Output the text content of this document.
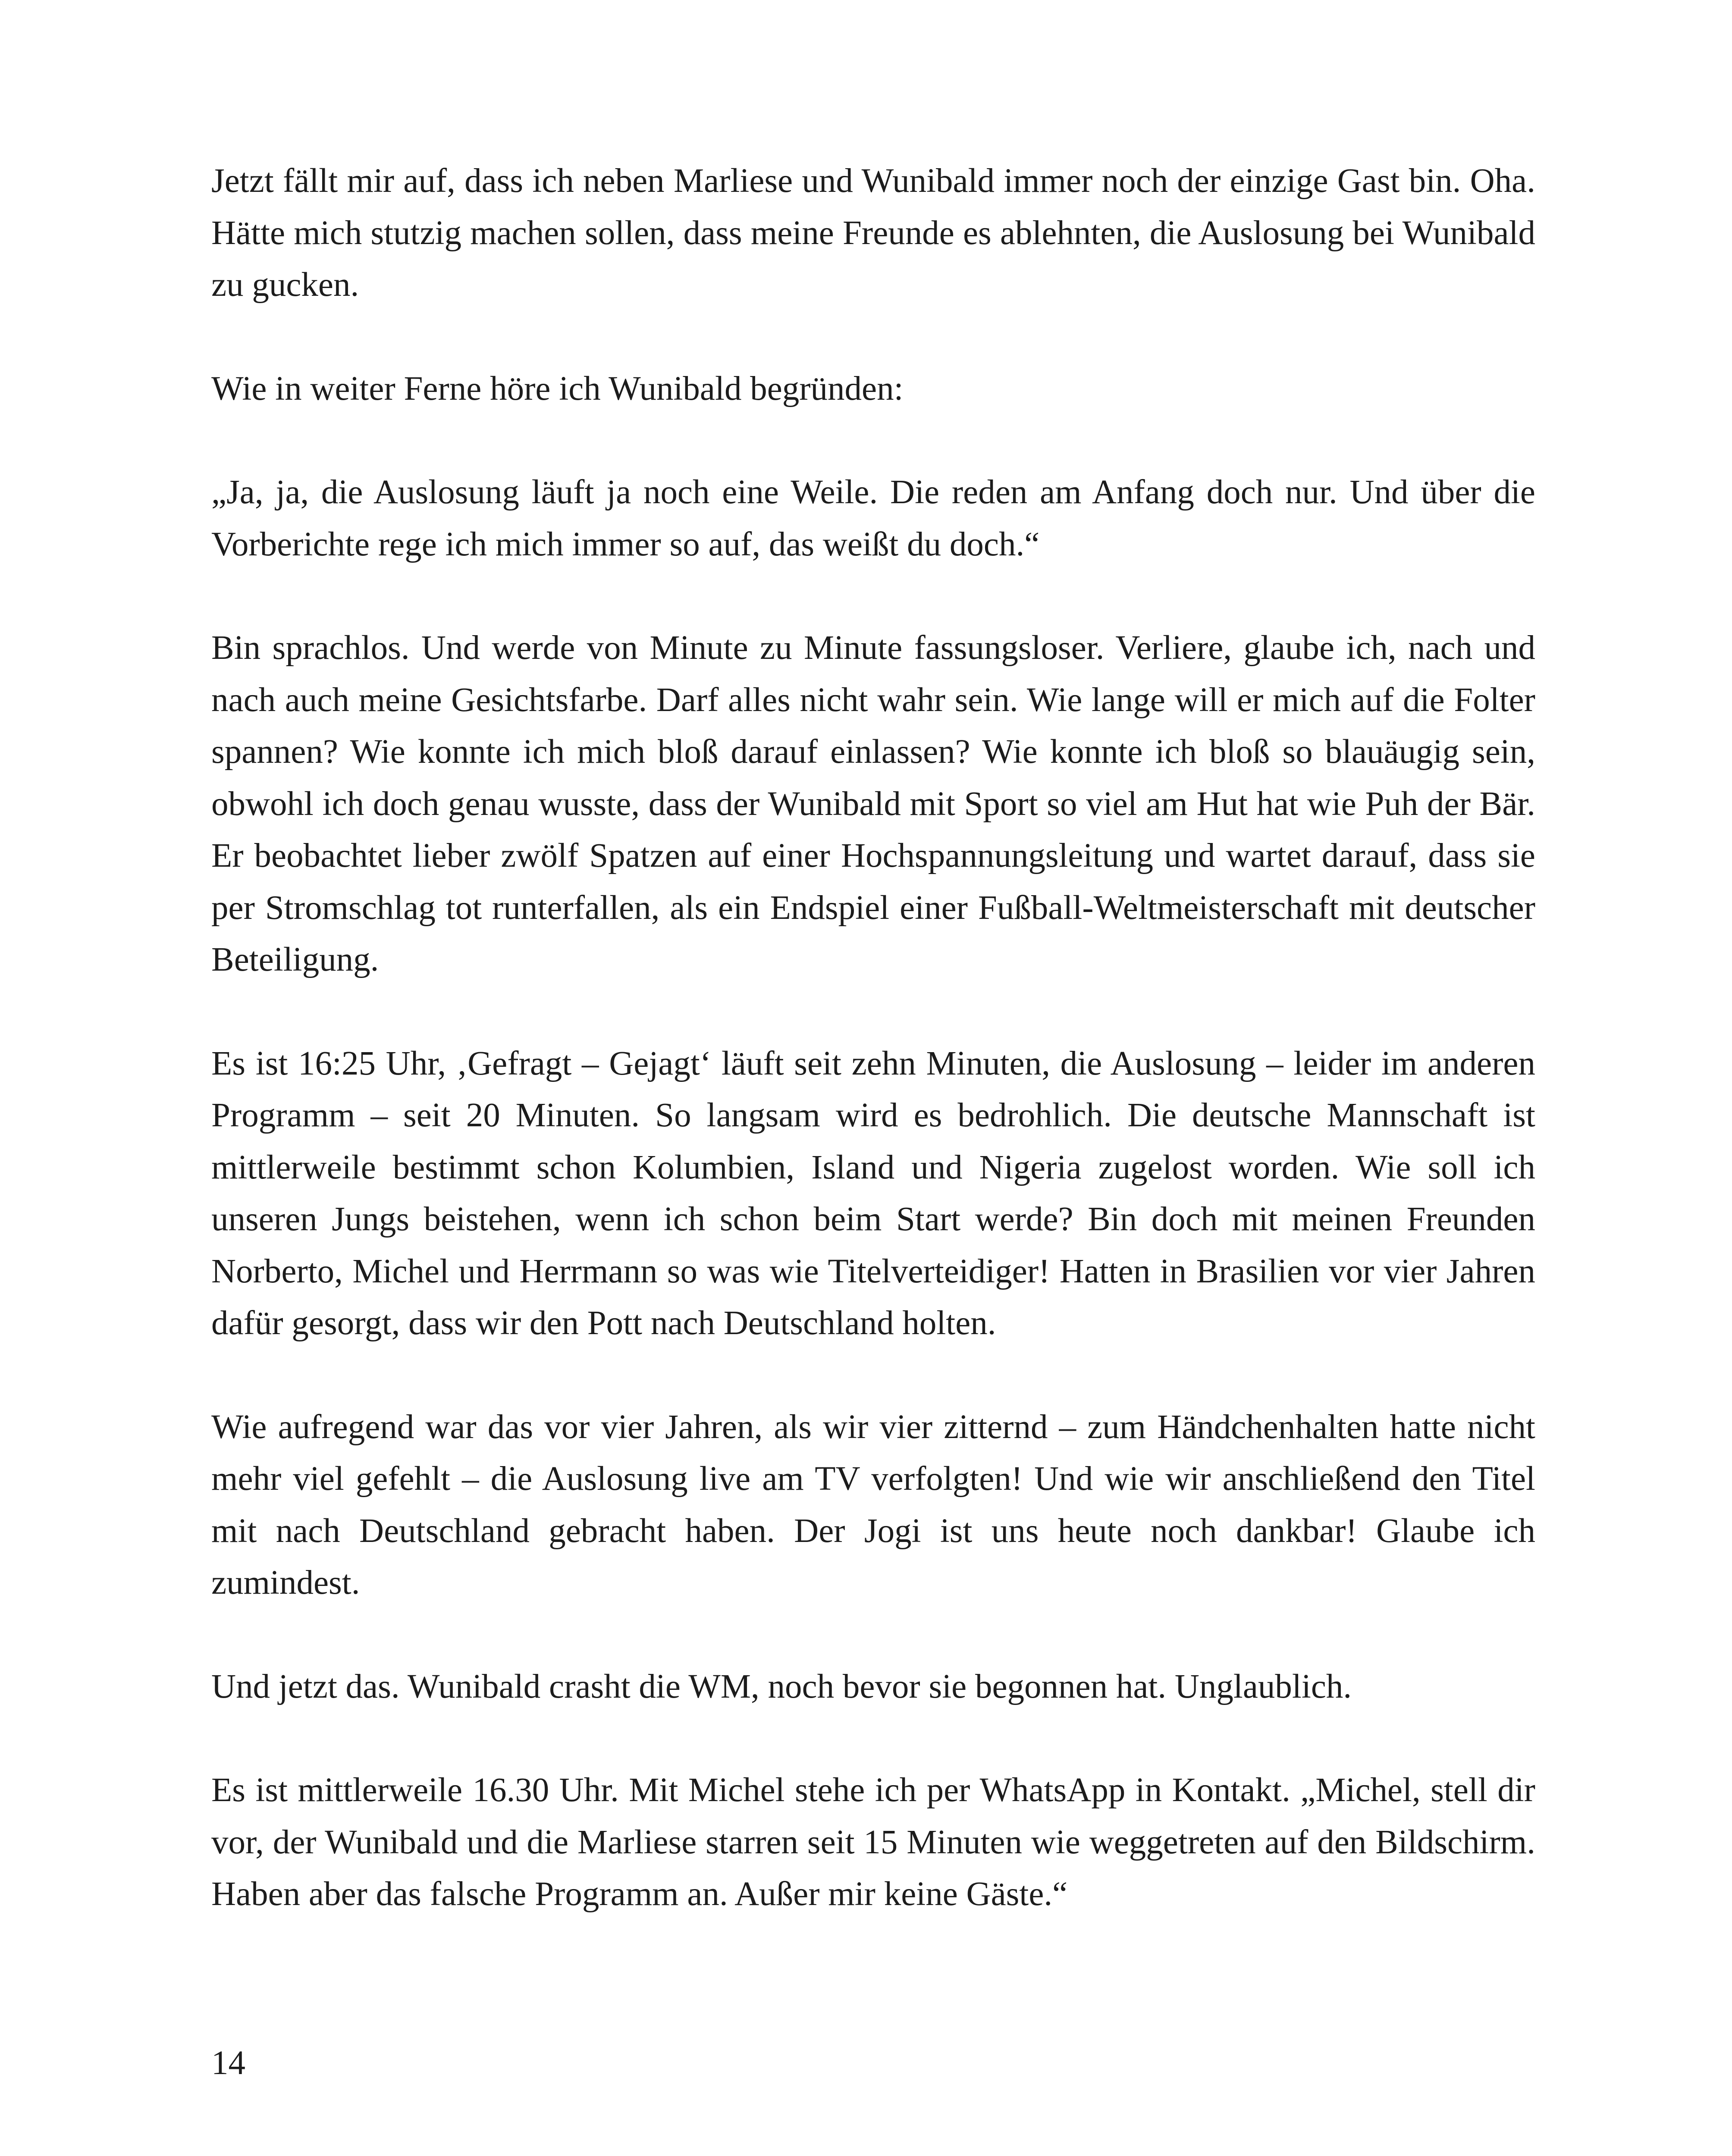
Jetzt fällt mir auf, dass ich neben Marliese und Wunibald immer noch der einzige Gast bin. Oha. Hätte mich stutzig machen sollen, dass meine Freunde es ablehnten, die Auslosung bei Wunibald zu gucken.

Wie in weiter Ferne höre ich Wunibald begründen:

„Ja, ja, die Auslosung läuft ja noch eine Weile. Die reden am Anfang doch nur. Und über die Vorberichte rege ich mich immer so auf, das weißt du doch.“

Bin sprachlos. Und werde von Minute zu Minute fassungsloser. Verliere, glaube ich, nach und nach auch meine Gesichtsfarbe. Darf alles nicht wahr sein. Wie lange will er mich auf die Folter spannen? Wie konnte ich mich bloß darauf einlassen? Wie konnte ich bloß so blauäugig sein, obwohl ich doch genau wusste, dass der Wunibald mit Sport so viel am Hut hat wie Puh der Bär. Er beobachtet lieber zwölf Spatzen auf einer Hochspannungsleitung und wartet darauf, dass sie per Stromschlag tot runterfallen, als ein Endspiel einer Fußball-Weltmeisterschaft mit deutscher Beteiligung.

Es ist 16:25 Uhr, ‚Gefragt – Gejagt‘ läuft seit zehn Minuten, die Auslosung – leider im anderen Programm – seit 20 Minuten. So langsam wird es bedrohlich. Die deutsche Mannschaft ist mittlerweile bestimmt schon Kolumbien, Island und Nigeria zugelost worden. Wie soll ich unseren Jungs beistehen, wenn ich schon beim Start werde? Bin doch mit meinen Freunden Norberto, Michel und Herrmann so was wie Titelverteidiger! Hatten in Brasilien vor vier Jahren dafür gesorgt, dass wir den Pott nach Deutschland holten.

Wie aufregend war das vor vier Jahren, als wir vier zitternd – zum Händchenhalten hatte nicht mehr viel gefehlt – die Auslosung live am TV verfolgten! Und wie wir anschließend den Titel mit nach Deutschland gebracht haben. Der Jogi ist uns heute noch dankbar! Glaube ich zumindest.

Und jetzt das. Wunibald crasht die WM, noch bevor sie begonnen hat. Unglaublich.

Es ist mittlerweile 16.30 Uhr. Mit Michel stehe ich per WhatsApp in Kontakt. „Michel, stell dir vor, der Wunibald und die Marliese starren seit 15 Minuten wie weggetreten auf den Bildschirm. Haben aber das falsche Programm an. Außer mir keine Gäste.“

14
